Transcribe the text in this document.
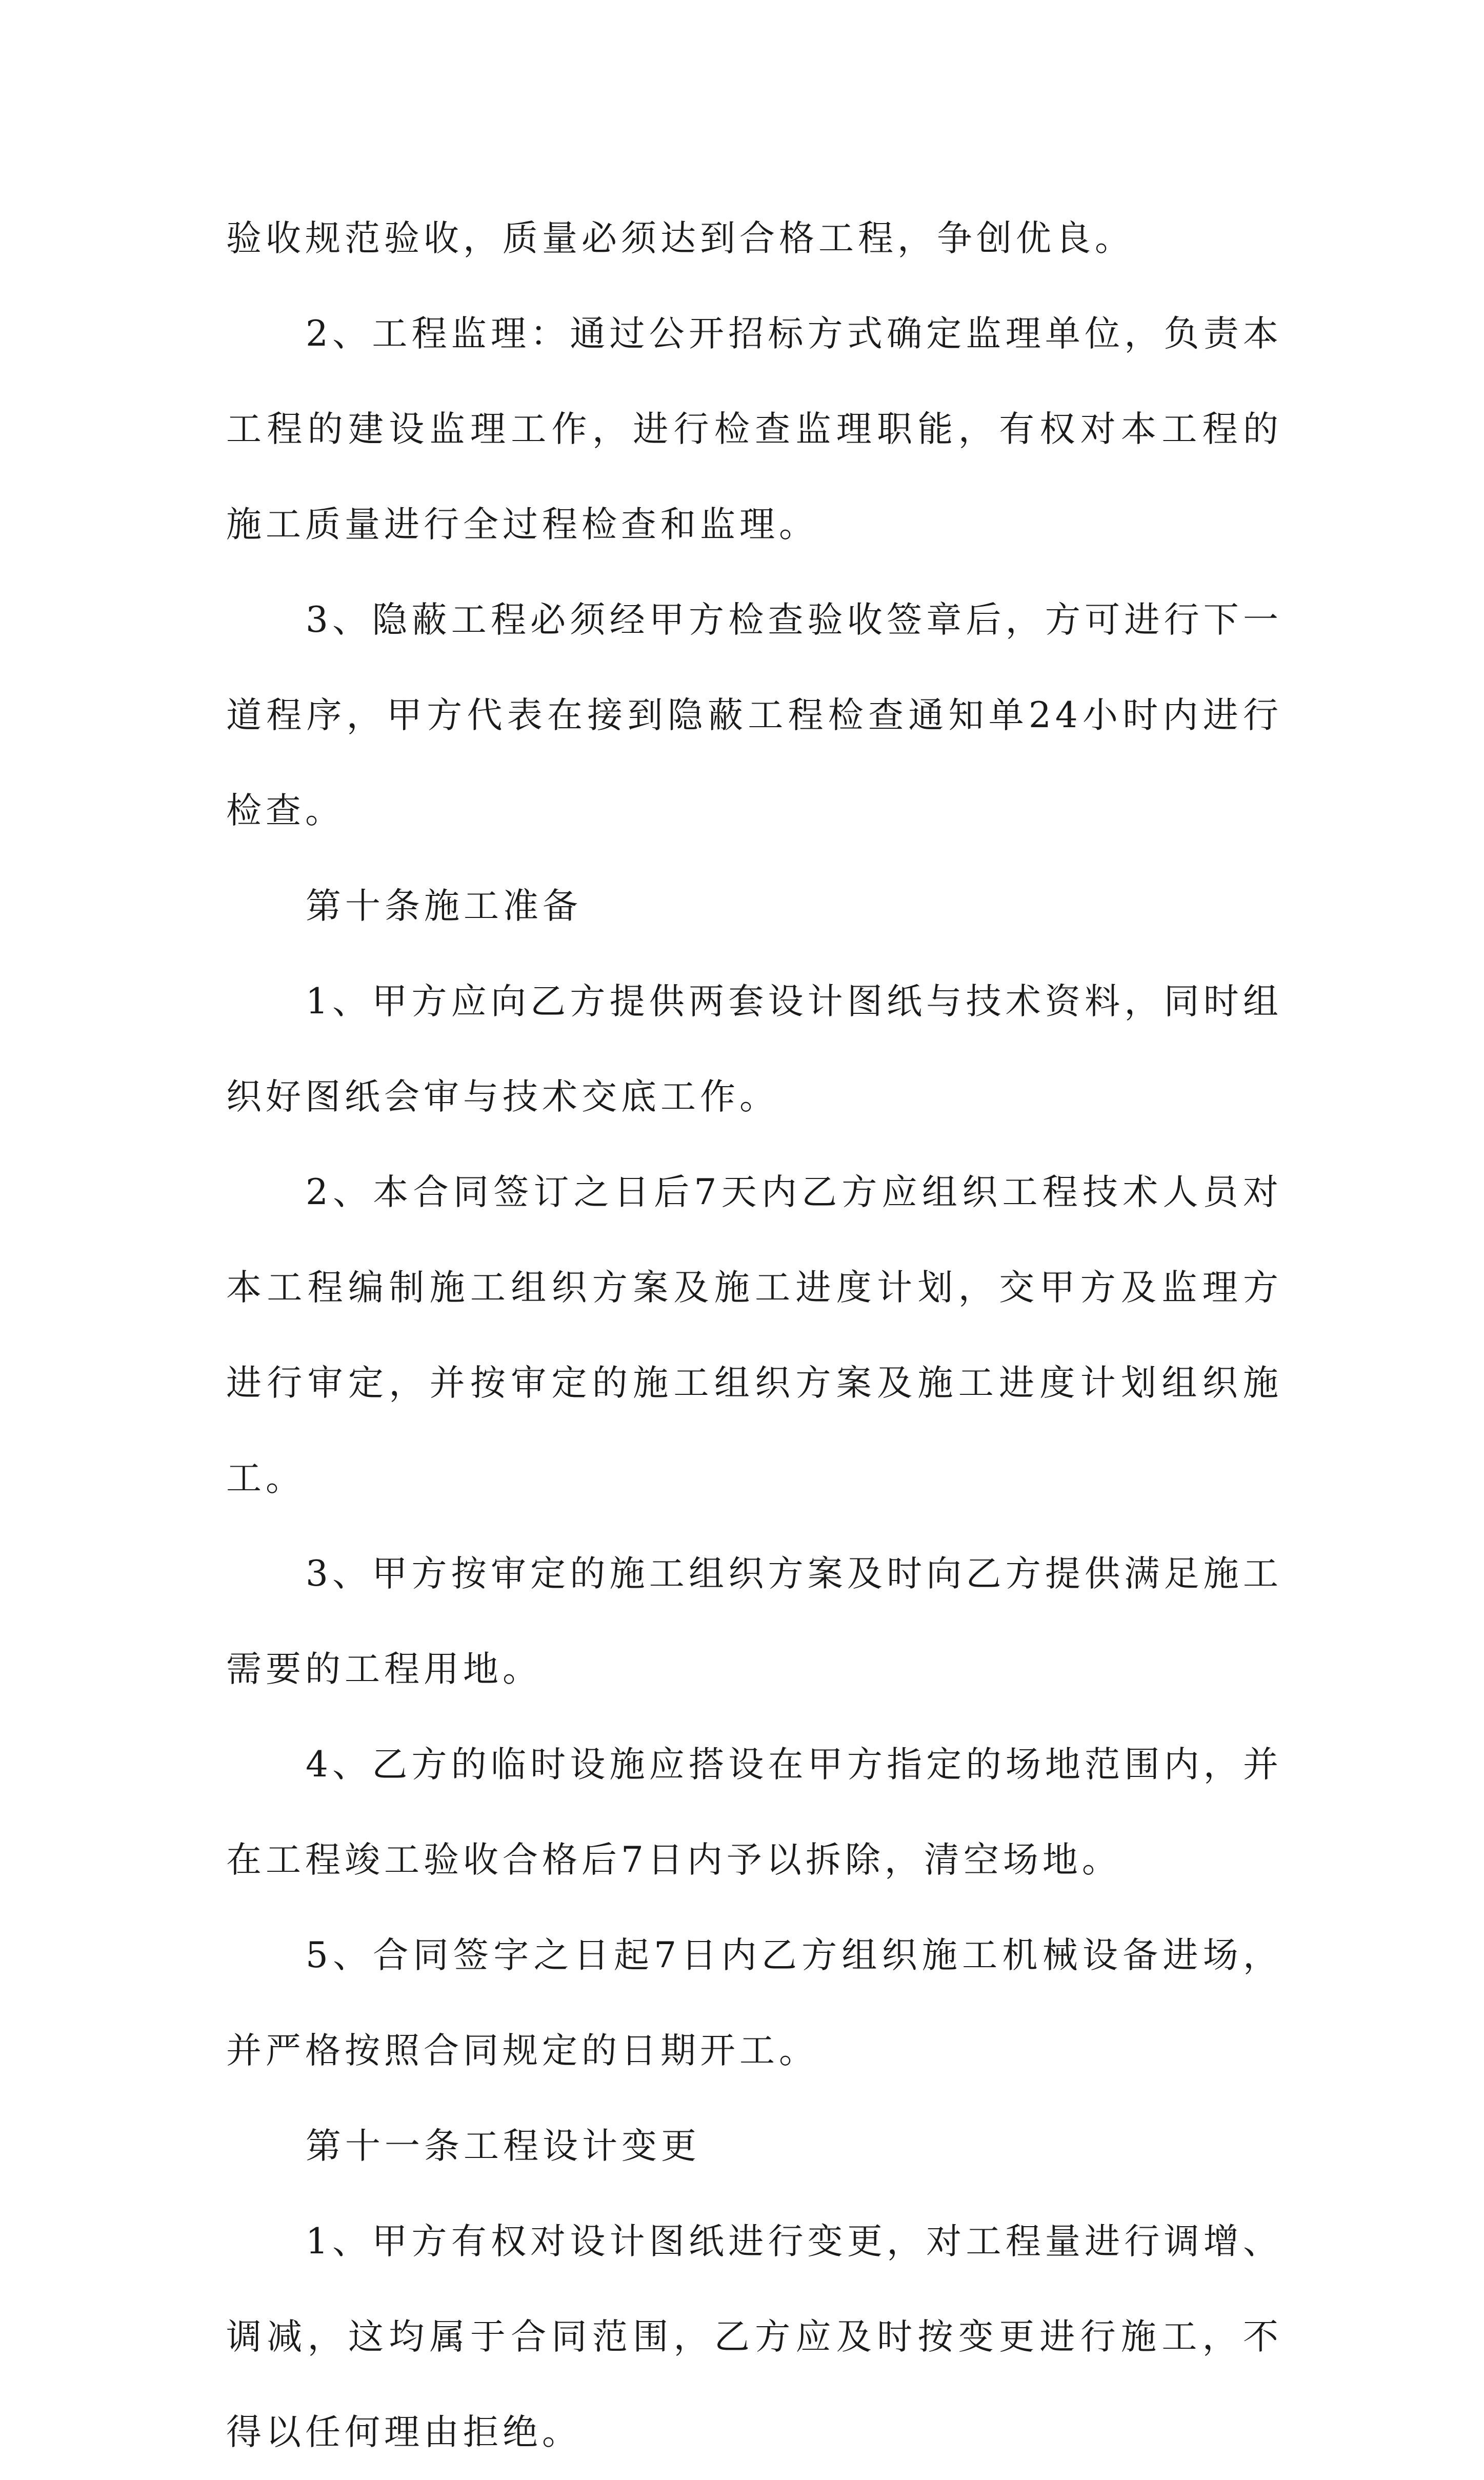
验收规范验收，质量必须达到合格工程，争创优良。

2、工程监理：通过公开招标方式确定监理单位，负责本工程的建设监理工作，进行检查监理职能，有权对本工程的施工质量进行全过程检查和监理。

3、隐蔽工程必须经甲方检查验收签章后，方可进行下一道程序，甲方代表在接到隐蔽工程检查通知单24小时内进行检查。

第十条施工准备

1、甲方应向乙方提供两套设计图纸与技术资料，同时组织好图纸会审与技术交底工作。

2、本合同签订之日后7天内乙方应组织工程技术人员对本工程编制施工组织方案及施工进度计划，交甲方及监理方进行审定，并按审定的施工组织方案及施工进度计划组织施工。

3、甲方按审定的施工组织方案及时向乙方提供满足施工需要的工程用地。

4、乙方的临时设施应搭设在甲方指定的场地范围内，并在工程竣工验收合格后7日内予以拆除，清空场地。

5、合同签字之日起7日内乙方组织施工机械设备进场，并严格按照合同规定的日期开工。

第十一条工程设计变更

1、甲方有权对设计图纸进行变更，对工程量进行调增、调减，这均属于合同范围，乙方应及时按变更进行施工，不得以任何理由拒绝。
